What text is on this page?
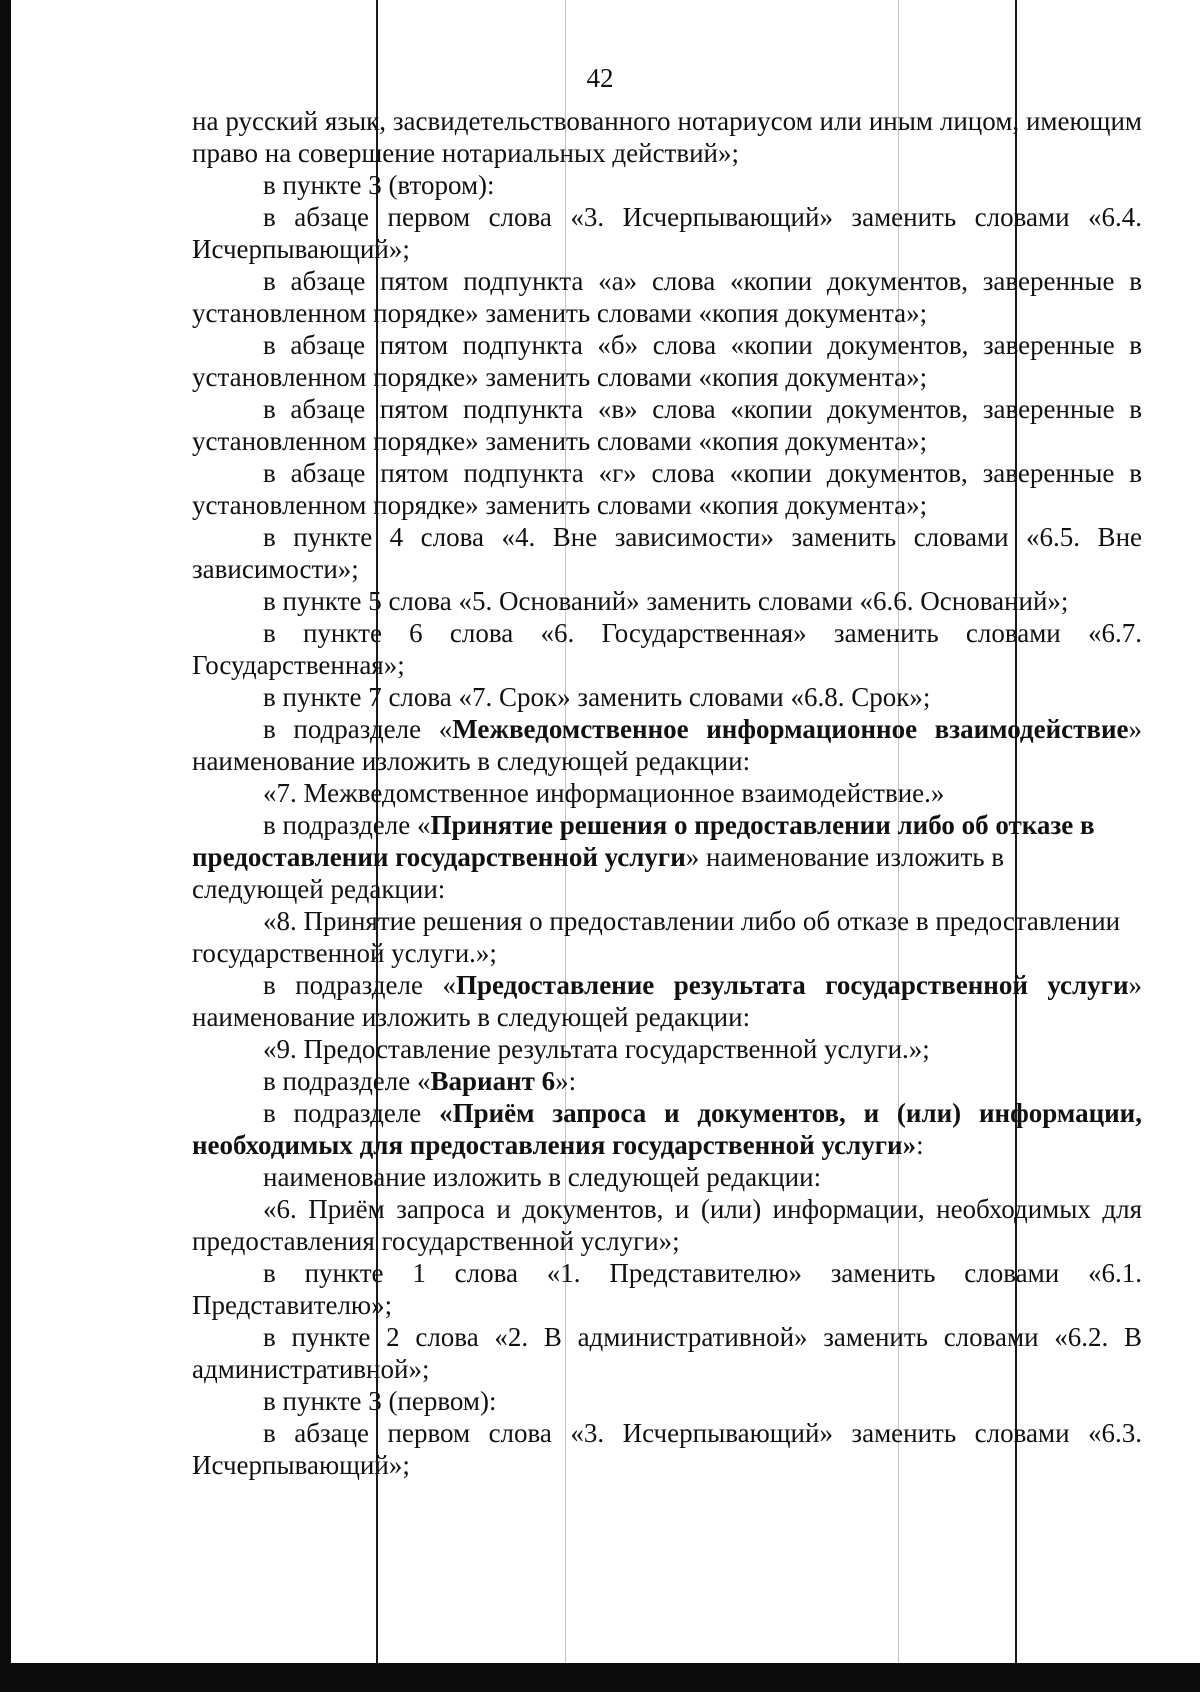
42

на русский язык, засвидетельствованного нотариусом или иным лицом, имеющим право на совершение нотариальных действий»;

в пункте 3 (втором):

в абзаце первом слова «3. Исчерпывающий» заменить словами «6.4. Исчерпывающий»;

в абзаце пятом подпункта «а» слова «копии документов, заверенные в установленном порядке» заменить словами «копия документа»;

в абзаце пятом подпункта «б» слова «копии документов, заверенные в установленном порядке» заменить словами «копия документа»;

в абзаце пятом подпункта «в» слова «копии документов, заверенные в установленном порядке» заменить словами «копия документа»;

в абзаце пятом подпункта «г» слова «копии документов, заверенные в установленном порядке» заменить словами «копия документа»;

в пункте 4 слова «4. Вне зависимости» заменить словами «6.5. Вне зависимости»;

в пункте 5 слова «5. Оснований» заменить словами «6.6. Оснований»;

в пункте 6 слова «6. Государственная» заменить словами «6.7. Государственная»;

в пункте 7 слова «7. Срок» заменить словами «6.8. Срок»;

в подразделе «Межведомственное информационное взаимодействие» наименование изложить в следующей редакции:

«7. Межведомственное информационное взаимодействие.»

в подразделе «Принятие решения о предоставлении либо об отказе в предоставлении государственной услуги» наименование изложить в следующей редакции:

«8. Принятие решения о предоставлении либо об отказе в предоставлении государственной услуги.»;

в подразделе «Предоставление результата государственной услуги» наименование изложить в следующей редакции:

«9. Предоставление результата государственной услуги.»;

в подразделе «Вариант 6»:

в подразделе «Приём запроса и документов, и (или) информации, необходимых для предоставления государственной услуги»:

наименование изложить в следующей редакции:

«6. Приём запроса и документов, и (или) информации, необходимых для предоставления государственной услуги»;

в пункте 1 слова «1. Представителю» заменить словами «6.1. Представителю»;

в пункте 2 слова «2. В административной» заменить словами «6.2. В административной»;

в пункте 3 (первом):

в абзаце первом слова «3. Исчерпывающий» заменить словами «6.3. Исчерпывающий»;
